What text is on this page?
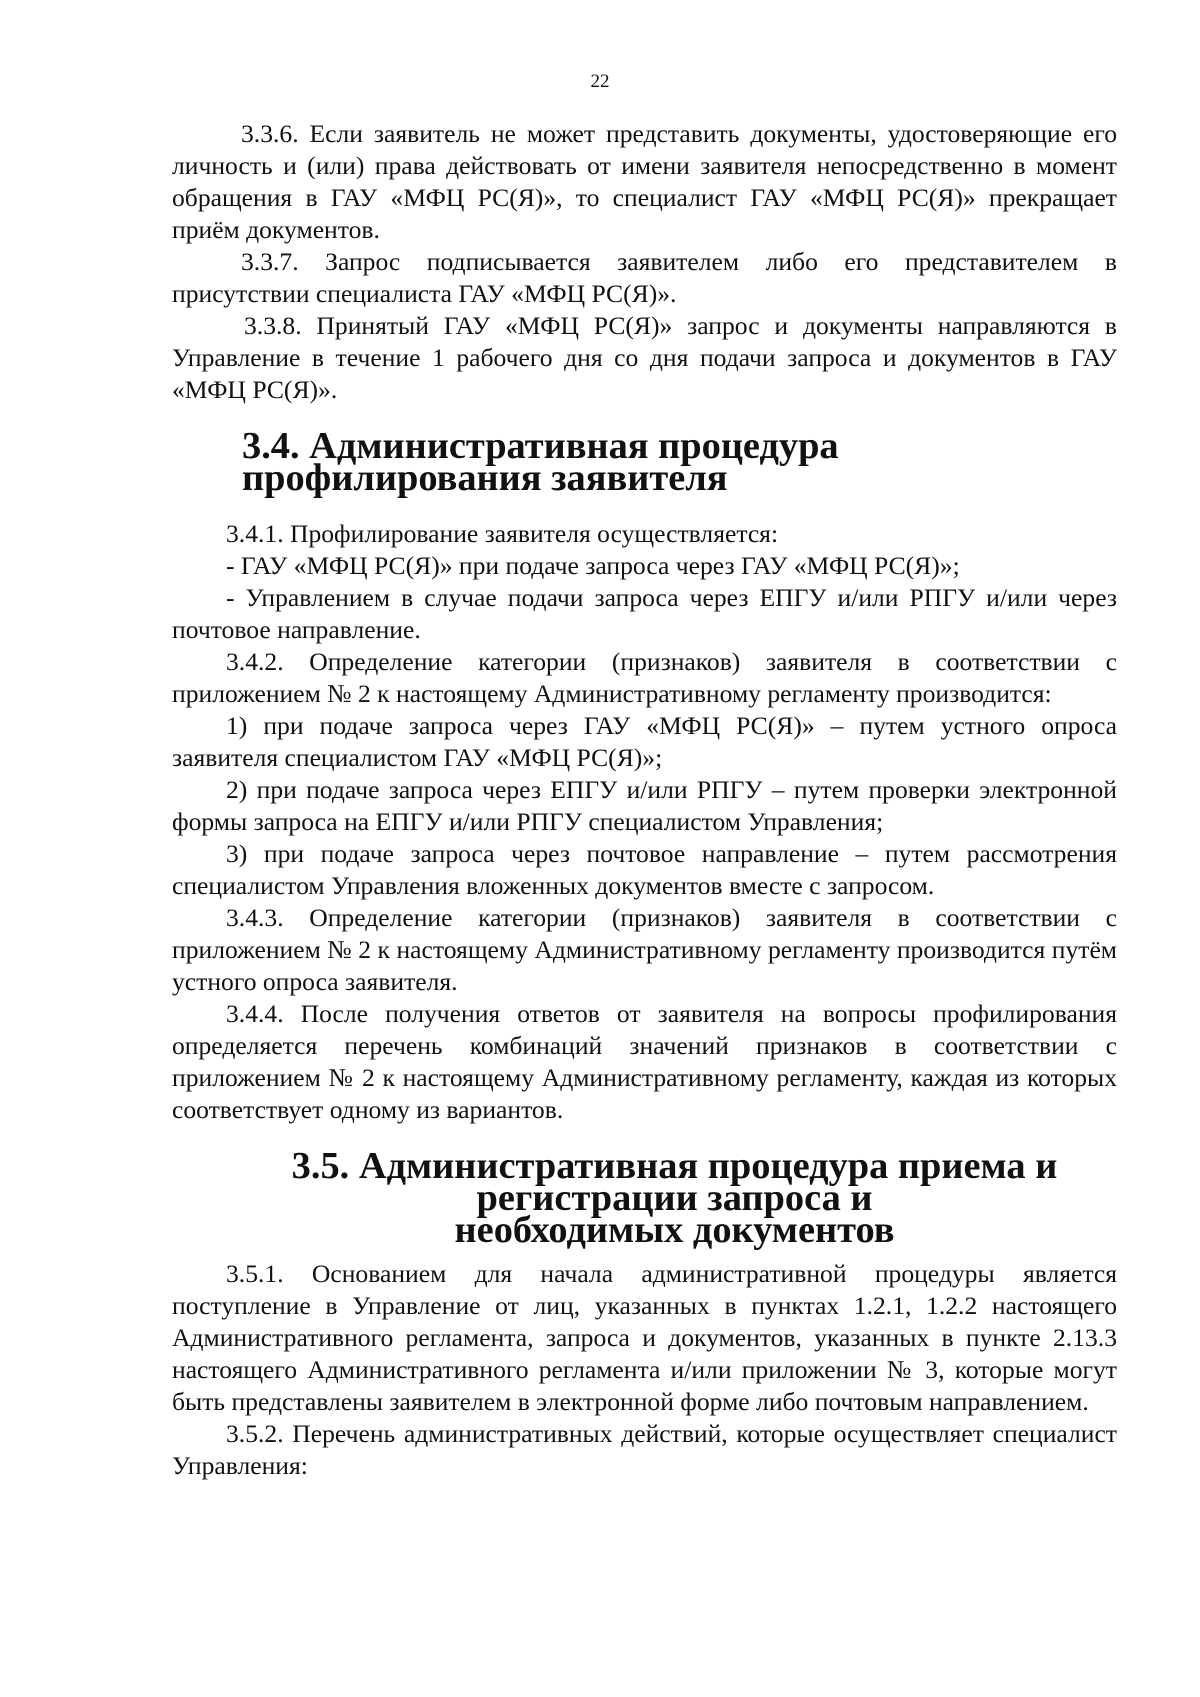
22

3.3.6. Если заявитель не может представить документы, удостоверяющие его личность и (или) права действовать от имени заявителя непосредственно в момент обращения в ГАУ «МФЦ РС(Я)», то специалист ГАУ «МФЦ РС(Я)» прекращает приём документов.

3.3.7. Запрос подписывается заявителем либо его представителем в присутствии специалиста ГАУ «МФЦ РС(Я)».

3.3.8. Принятый ГАУ «МФЦ РС(Я)» запрос и документы направляются в Управление в течение 1 рабочего дня со дня подачи запроса и документов в ГАУ «МФЦ РС(Я)».

3.4. Административная процедура профилирования заявителя

3.4.1. Профилирование заявителя осуществляется:

- ГАУ «МФЦ РС(Я)» при подаче запроса через ГАУ «МФЦ РС(Я)»;

- Управлением в случае подачи запроса через ЕПГУ и/или РПГУ и/или через почтовое направление.

3.4.2. Определение категории (признаков) заявителя в соответствии с приложением № 2 к настоящему Административному регламенту производится:

1) при подаче запроса через ГАУ «МФЦ РС(Я)» – путем устного опроса заявителя специалистом ГАУ «МФЦ РС(Я)»;

2) при подаче запроса через ЕПГУ и/или РПГУ – путем проверки электронной формы запроса на ЕПГУ и/или РПГУ специалистом Управления;

3) при подаче запроса через почтовое направление – путем рассмотрения специалистом Управления вложенных документов вместе с запросом.

3.4.3. Определение категории (признаков) заявителя в соответствии с приложением № 2 к настоящему Административному регламенту производится путём устного опроса заявителя.

3.4.4. После получения ответов от заявителя на вопросы профилирования определяется перечень комбинаций значений признаков в соответствии с приложением № 2 к настоящему Административному регламенту, каждая из которых соответствует одному из вариантов.

3.5. Административная процедура приема и регистрации запроса и
необходимых документов

3.5.1. Основанием для начала административной процедуры является поступление в Управление от лиц, указанных в пунктах 1.2.1, 1.2.2 настоящего Административного регламента, запроса и документов, указанных в пункте 2.13.3 настоящего Административного регламента и/или приложении № 3, которые могут быть представлены заявителем в электронной форме либо почтовым направлением.

3.5.2. Перечень административных действий, которые осуществляет специалист Управления:
